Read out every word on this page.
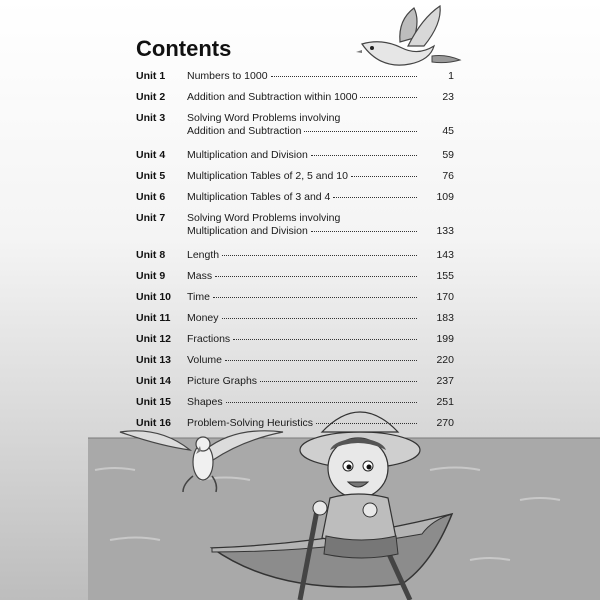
Contents
Unit 1 Numbers to 1000	1
Unit 2 Addition and Subtraction within 1000	23
Unit 3 Solving Word Problems involving
Addition and Subtraction	45
Unit 4 Multiplication and Division	59
Unit 5 Multiplication Tables of 2, 5 and 10	76
Unit 6 Multiplication Tables of 3 and 4	109
Unit 7 Solving Word Problems involving
Multiplication and Division	133
Unit 8 Length	143
Unit 9 Mass	155
Unit 10 Time	170
Unit 11 Money	183
Unit 12 Fractions	199
Unit 13 Volume	220
Unit 14 Picture Graphs	237
Unit 15 Shapes	251
Unit 16 Problem-Solving Heuristics	270
